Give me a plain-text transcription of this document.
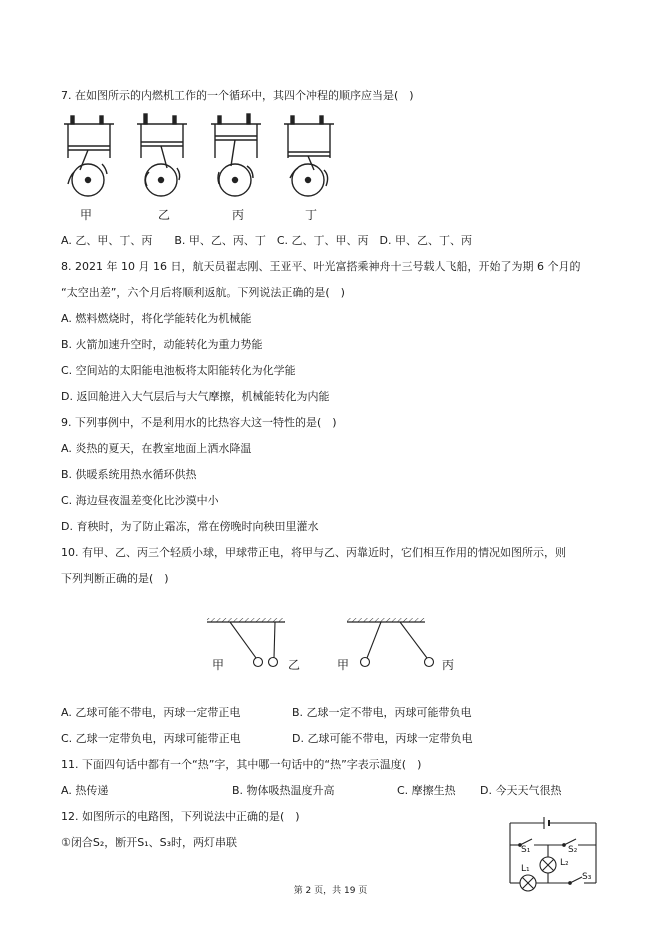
7. 在如图所示的内燃机工作的一个循环中，其四个冲程的顺序应当是(　)
甲	乙	丙	丁
A. 乙、甲、丁、丙　　B. 甲、乙、丙、丁　C. 乙、丁、甲、丙　D. 甲、乙、丁、丙
8. 2021 年 10 月 16 日，航天员翟志刚、王亚平、叶光富搭乘神舟十三号载人飞船，开始了为期 6 个月的
“太空出差”，六个月后将顺利返航。下列说法正确的是(　)
A. 燃料燃烧时，将化学能转化为机械能
B. 火箭加速升空时，动能转化为重力势能
C. 空间站的太阳能电池板将太阳能转化为化学能
D. 返回舱进入大气层后与大气摩擦，机械能转化为内能
9. 下列事例中，不是利用水的比热容大这一特性的是(　)
A. 炎热的夏天，在教室地面上洒水降温
B. 供暖系统用热水循环供热
C. 海边昼夜温差变化比沙漠中小
D. 育秧时，为了防止霜冻，常在傍晚时向秧田里灌水
10. 有甲、乙、丙三个轻质小球，甲球带正电，将甲与乙、丙靠近时，它们相互作用的情况如图所示，则
下列判断正确的是(　)
甲	乙	甲	丙
A. 乙球可能不带电，丙球一定带正电	B. 乙球一定不带电，丙球可能带负电
C. 乙球一定带负电，丙球可能带正电	D. 乙球可能不带电，丙球一定带负电
11. 下面四句话中都有一个“热”字，其中哪一句话中的“热”字表示温度(　)
A. 热传递	B. 物体吸热温度升高	C. 摩擦生热 D. 今天天气很热
12. 如图所示的电路图，下列说法中正确的是(　)
①闭合S₂，断开S₁、S₃时，两灯串联
S₁	S₂
L₂
L₁
S₃
第 2 页，共 19 页
